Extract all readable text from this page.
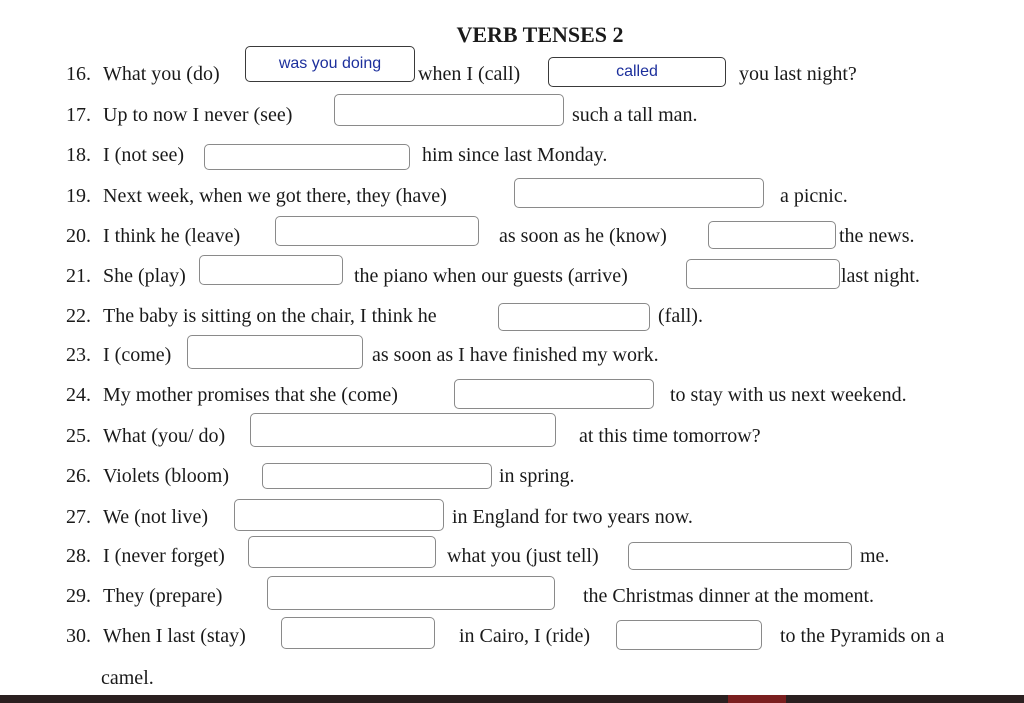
VERB TENSES 2
16. What you (do)
was you doing	when I (call)
called	you last night?
17. Up to now I never (see)	such a tall man.
18. I (not see)	him since last Monday.
19. Next week, when we got there, they (have)	a picnic.
20. I think he (leave)	as soon as he (know)	the news.
21. She (play)	the piano when our guests (arrive)	last night.
22. The baby is sitting on the chair, I think he	(fall).
23. I (come)	as soon as I have finished my work.
24. My mother promises that she (come)	to stay with us next weekend.
25. What (you/ do)	at this time tomorrow?
26. Violets (bloom)	in spring.
27. We (not live)	in England for two years now.
28. I (never forget)	what you (just tell)	me.
29. They (prepare)	the Christmas dinner at the moment.
30. When I last (stay)	in Cairo, I (ride)	to the Pyramids on a
camel.
